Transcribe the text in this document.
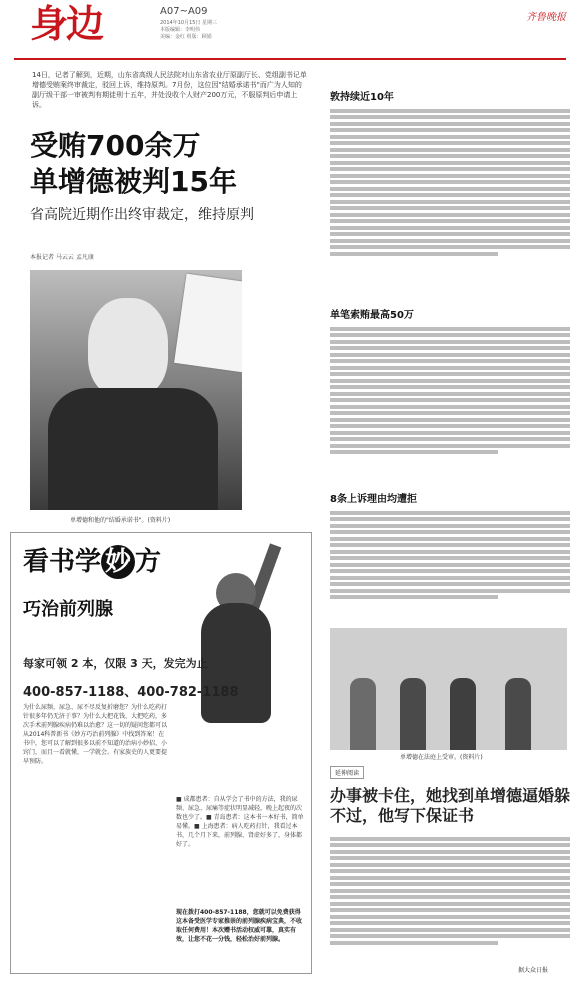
身边	A07~A09
2014年10月15日 星期三
本版编辑：李明伟
美编：金红 组版：顾娟
齐鲁晚报
14日，记者了解到，近期，山东省高级人民法院对山东省农业厅原副厅长、党组副书记单增德受贿案终审裁定，驳回上诉，维持原判。7月份，这位因"结婚承诺书"而广为人知的副厅级干部一审被判有期徒刑十五年，并处没收个人财产200万元，不服原判后申请上诉。
受贿700余万
单增德被判15年
省高院近期作出终审裁定，维持原判
本报记者 马云云 孟凡康
单增德和他的"结婚承诺书"。(资料片)
敦持续近10年
单笔索贿最高50万
8条上诉理由均遭拒
单增德在法庭上受审。(资料片)
延伸阅读
办事被卡住，她找到单增德逼婚躲不过，他写下保证书
据大众日报
看书学 妙 方
巧治前列腺
每家可领 2 本，仅限 3 天，发完为止
400-857-1188、400-782-1188
为什么尿频、尿急、尿不尽反复折磨您？为什么吃药打针很多年仍无济于事？为什么大把花钱、大把吃药，多次手术前列腺疾病仍难以治愈？这一切的疑问您都可以从2014科普新书《妙方巧治前列腺》中找到答案！在书中，您可以了解到很多以前不知道的治病小妙招、小窍门，而且一看就懂，一学就会。有家族史的人更要提早预防。
■ 成都患者：自从学会了书中的方法，我的尿频、尿急、尿痛等症状明显减轻，晚上起夜的次数也少了。■ 青岛患者：这本书一本好书，简单易懂。■ 上海患者：病人吃药打针，我看过本书，几个月下来，前列腺、肾虚好多了，身体都好了。
现在拨打400-857-1188，您就可以免费获得这本备受医学专家推崇的前列腺疾病宝典，不收取任何费用！本次赠书活动权威可靠，真实有效，让您不花一分钱，轻松治好前列腺。
